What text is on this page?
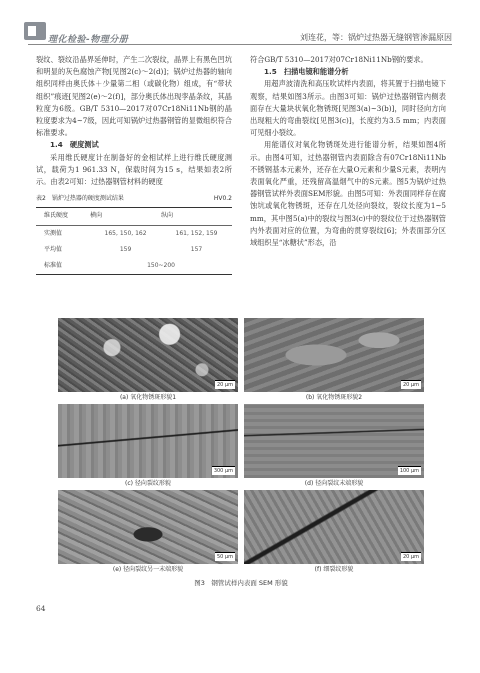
理化检验-物理分册	刘连花，等：锅炉过热器无缝钢管渗漏原因

裂纹、裂纹沿晶界延伸时，产生二次裂纹，晶界上有黑色凹坑和明显的灰色腐蚀产物[见图2(c)～2(d)]；锅炉过热器的轴向组织同样由奥氏体＋少量第二相（或碳化物）组成，有“带状组织”痕迹[见图2(e)～2(f)]，部分奥氏体出现孪晶条纹，其晶粒度为6级。GB/T 5310—2017对07Cr18Ni11Nb钢的晶粒度要求为4~7级，因此可知锅炉过热器钢管的显微组织符合标准要求。

1.4　硬度测试

采用维氏硬度计在制备好的金相试样上进行维氏硬度测试，载荷为1 961.33 N，保载时间为15 s，结果如表2所示。由表2可知：过热器钢管材料的硬度

表2　锅炉过热器的硬度测试结果	HV0.2
维氏硬度	横向	纵向
实测值	165, 150, 162	161, 152, 159
平均值	159	157
标准值	150~200	

符合GB/T 5310—2017对07Cr18Ni11Nb钢的要求。

1.5　扫描电镜和能谱分析

用超声波清洗和高压吹试样内表面，将其置于扫描电镜下观察，结果如图3所示。由图3可知：锅炉过热器钢管内侧表面存在大量块状氧化物锈斑[见图3(a)~3(b)]，同时径向方向出现粗大的弯曲裂纹[见图3(c)]，长度约为3.5 mm；内表面可见细小裂纹。

用能谱仪对氧化物锈斑处进行能谱分析，结果如图4所示。由图4可知，过热器钢管内表面除含有07Cr18Ni11Nb不锈钢基本元素外，还存在大量O元素和少量S元素，表明内表面氧化严重，还残留高温烟气中的S元素。图5为锅炉过热器钢管试样外表面SEM形貌。由图5可知：外表面同样存在腐蚀坑或氧化物锈斑，还存在几处径向裂纹，裂纹长度为1~5 mm，其中图5(a)中的裂纹与图3(c)中的裂纹位于过热器钢管内外表面对应的位置，为弯曲的贯穿裂纹[6]；外表面部分区域组织呈“冰糖状”形态，沿

20 μm
(a) 氧化物锈斑形貌1
20 μm
(b) 氧化物锈斑形貌2
300 μm
(c) 径向裂纹形貌
100 μm
(d) 径向裂纹末端形貌
50 μm
(e) 径向裂纹另一末端形貌
20 μm
(f) 细裂纹形貌
图3　钢管试样内表面 SEM 形貌
64
